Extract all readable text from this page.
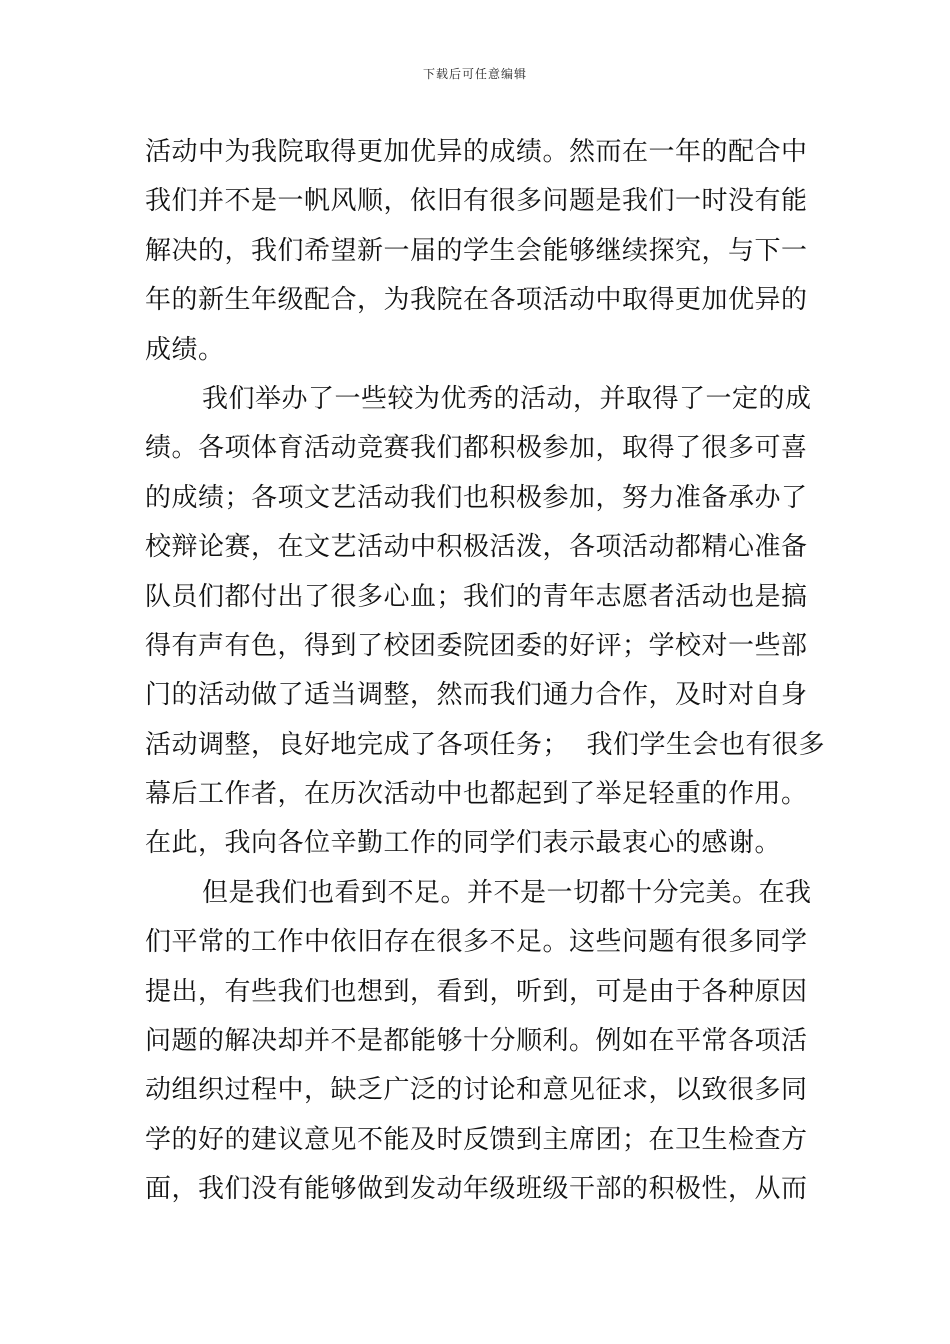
下载后可任意编辑
活动中为我院取得更加优异的成绩。然而在一年的配合中
我们并不是一帆风顺，依旧有很多问题是我们一时没有能
解决的，我们希望新一届的学生会能够继续探究，与下一
年的新生年级配合，为我院在各项活动中取得更加优异的
成绩。
我们举办了一些较为优秀的活动，并取得了一定的成
绩。各项体育活动竞赛我们都积极参加，取得了很多可喜
的成绩；各项文艺活动我们也积极参加，努力准备承办了
校辩论赛，在文艺活动中积极活泼，各项活动都精心准备
队员们都付出了很多心血；我们的青年志愿者活动也是搞
得有声有色，得到了校团委院团委的好评；学校对一些部
门的活动做了适当调整，然而我们通力合作，及时对自身
活动调整，良好地完成了各项任务；  我们学生会也有很多
幕后工作者，在历次活动中也都起到了举足轻重的作用。
在此，我向各位辛勤工作的同学们表示最衷心的感谢。
但是我们也看到不足。并不是一切都十分完美。在我
们平常的工作中依旧存在很多不足。这些问题有很多同学
提出，有些我们也想到，看到，听到，可是由于各种原因
问题的解决却并不是都能够十分顺利。例如在平常各项活
动组织过程中，缺乏广泛的讨论和意见征求，以致很多同
学的好的建议意见不能及时反馈到主席团；在卫生检查方
面，我们没有能够做到发动年级班级干部的积极性，从而
